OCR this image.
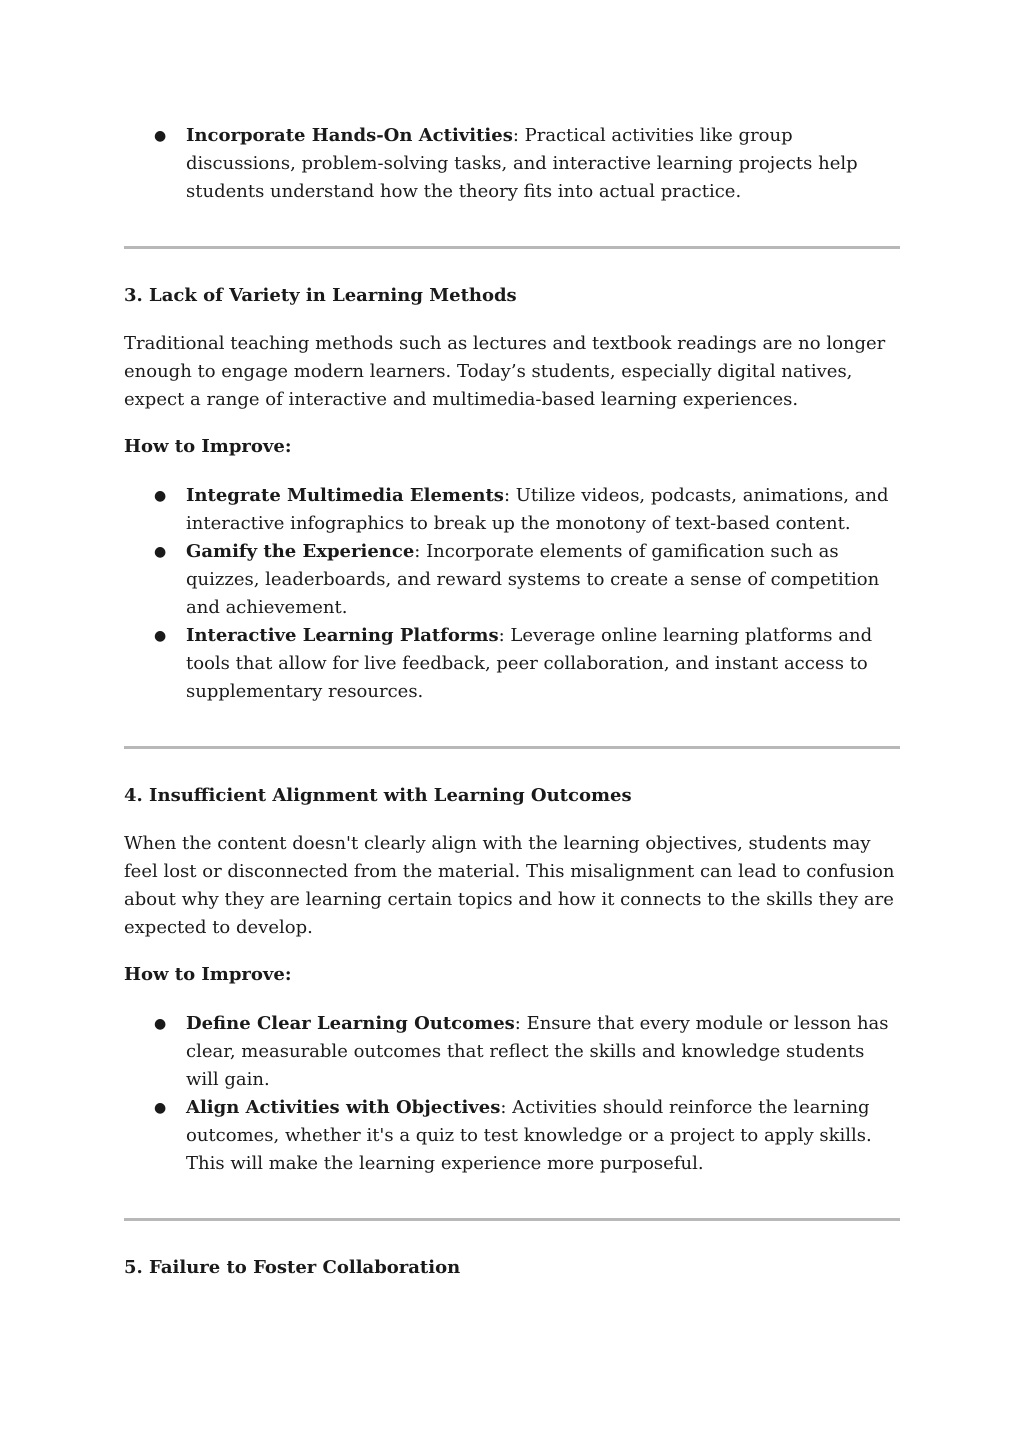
● Incorporate Hands-On Activities: Practical activities like group discussions, problem-solving tasks, and interactive learning projects help students understand how the theory fits into actual practice.
3. Lack of Variety in Learning Methods

Traditional teaching methods such as lectures and textbook readings are no longer enough to engage modern learners. Today’s students, especially digital natives, expect a range of interactive and multimedia-based learning experiences.

How to Improve:

● Integrate Multimedia Elements: Utilize videos, podcasts, animations, and interactive infographics to break up the monotony of text-based content.
● Gamify the Experience: Incorporate elements of gamification such as quizzes, leaderboards, and reward systems to create a sense of competition and achievement.
● Interactive Learning Platforms: Leverage online learning platforms and tools that allow for live feedback, peer collaboration, and instant access to supplementary resources.
4. Insufficient Alignment with Learning Outcomes

When the content doesn't clearly align with the learning objectives, students may feel lost or disconnected from the material. This misalignment can lead to confusion about why they are learning certain topics and how it connects to the skills they are expected to develop.

How to Improve:

● Define Clear Learning Outcomes: Ensure that every module or lesson has clear, measurable outcomes that reflect the skills and knowledge students will gain.
● Align Activities with Objectives: Activities should reinforce the learning outcomes, whether it's a quiz to test knowledge or a project to apply skills. This will make the learning experience more purposeful.
5. Failure to Foster Collaboration
